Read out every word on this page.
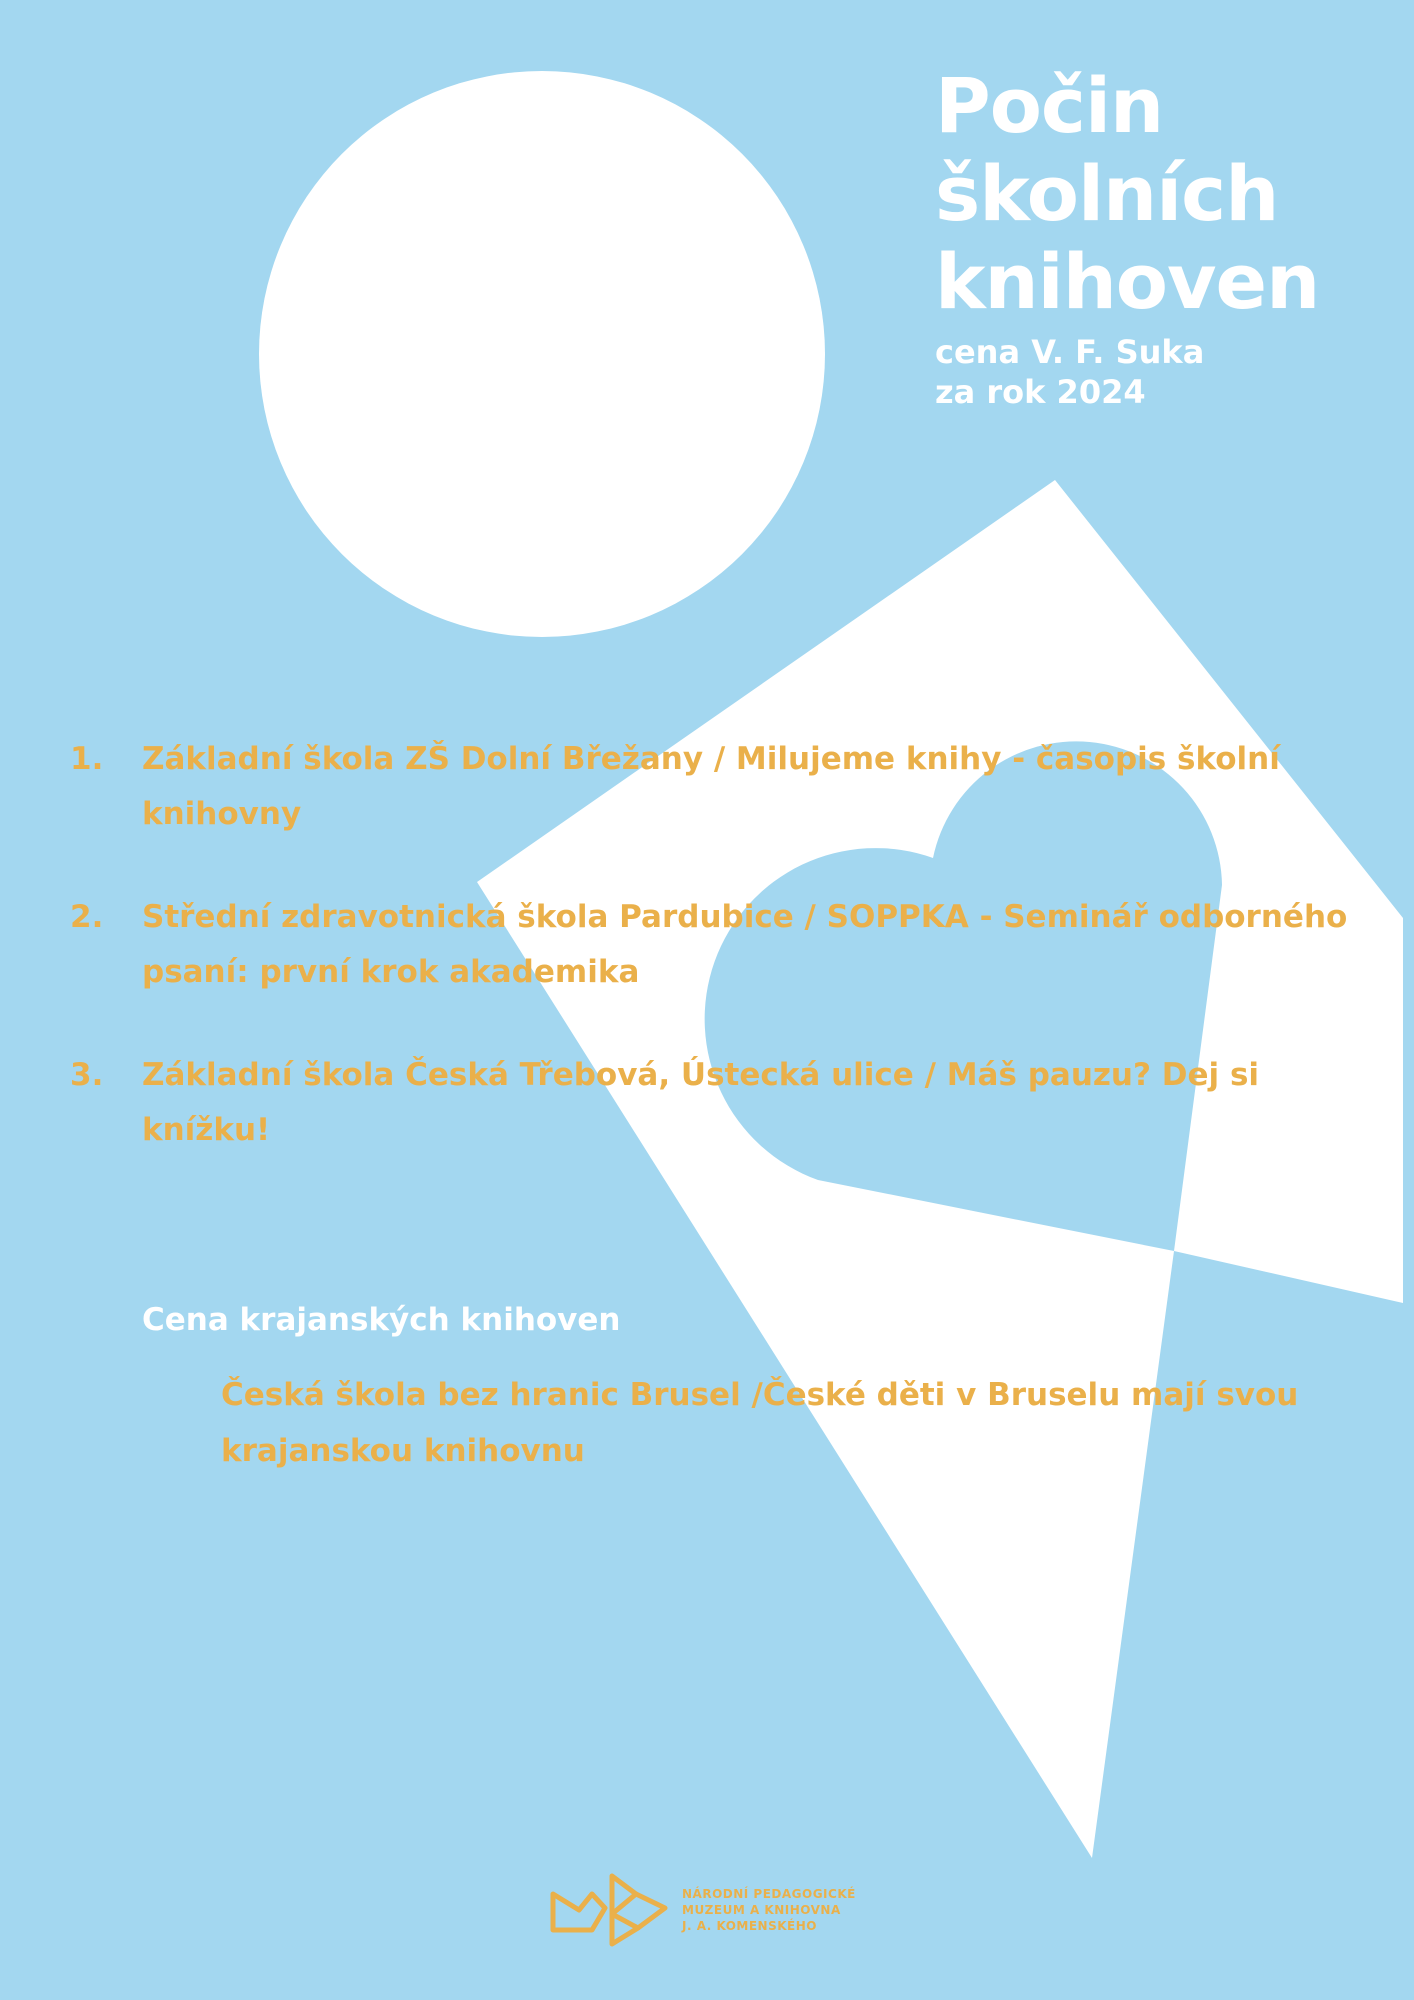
Počin
školních
knihoven

cena V. F. Suka
za rok 2024

1.	Základní škola ZŠ Dolní Břežany / Milujeme knihy - časopis školní knihovny
2.	Střední zdravotnická škola Pardubice / SOPPKA - Seminář odborného psaní: první krok akademika
3.	Základní škola Česká Třebová, Ústecká ulice / Máš pauzu? Dej si knížku!
Cena krajanských knihoven

Česká škola bez hranic Brusel /České děti v Bruselu mají svou krajanskou knihovnu

NÁRODNÍ PEDAGOGICKÉ
MUZEUM A KNIHOVNA
J. A. KOMENSKÉHO
